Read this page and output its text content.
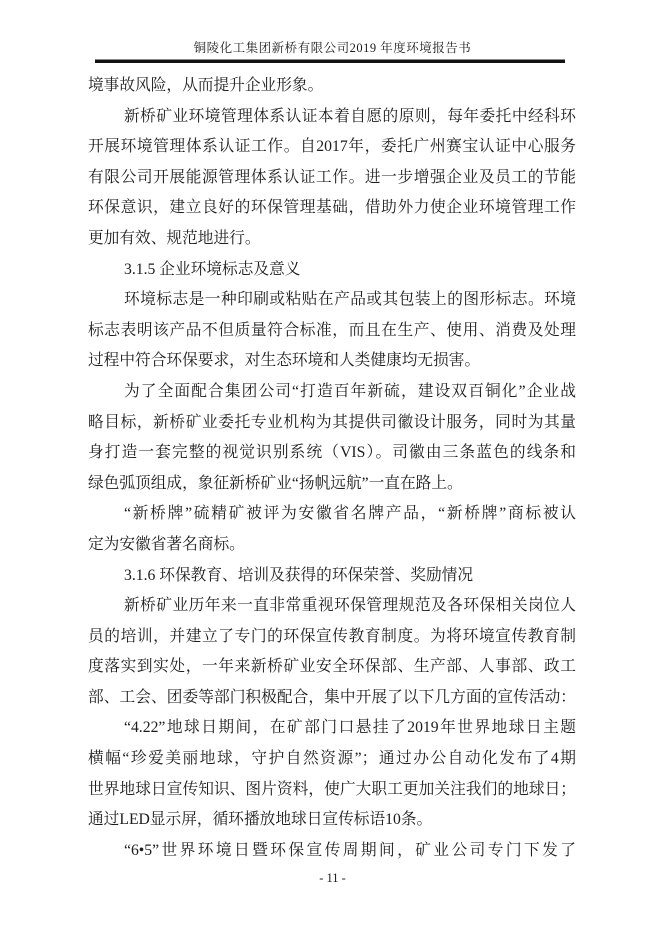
铜陵化工集团新桥有限公司2019 年度环境报告书
境事故风险，从而提升企业形象。
新桥矿业环境管理体系认证本着自愿的原则，每年委托中经科环
开展环境管理体系认证工作。自2017年，委托广州赛宝认证中心服务
有限公司开展能源管理体系认证工作。进一步增强企业及员工的节能
环保意识，建立良好的环保管理基础，借助外力使企业环境管理工作
更加有效、规范地进行。
3.1.5 企业环境标志及意义
环境标志是一种印刷或粘贴在产品或其包装上的图形标志。环境
标志表明该产品不但质量符合标准，而且在生产、使用、消费及处理
过程中符合环保要求，对生态环境和人类健康均无损害。
为了全面配合集团公司“打造百年新硫，建设双百铜化”企业战
略目标，新桥矿业委托专业机构为其提供司徽设计服务，同时为其量
身打造一套完整的视觉识别系统（VIS）。司徽由三条蓝色的线条和
绿色弧顶组成，象征新桥矿业“扬帆远航”一直在路上。
“新桥牌”硫精矿被评为安徽省名牌产品，“新桥牌”商标被认
定为安徽省著名商标。
3.1.6 环保教育、培训及获得的环保荣誉、奖励情况
新桥矿业历年来一直非常重视环保管理规范及各环保相关岗位人
员的培训，并建立了专门的环保宣传教育制度。为将环境宣传教育制
度落实到实处，一年来新桥矿业安全环保部、生产部、人事部、政工
部、工会、团委等部门积极配合，集中开展了以下几方面的宣传活动：
“4.22”地球日期间，在矿部门口悬挂了2019年世界地球日主题
横幅“珍爱美丽地球，守护自然资源”；通过办公自动化发布了4期
世界地球日宣传知识、图片资料，使广大职工更加关注我们的地球日；
通过LED显示屏，循环播放地球日宣传标语10条。
“6•5”世界环境日暨环保宣传周期间，矿业公司专门下发了
- 11 -
